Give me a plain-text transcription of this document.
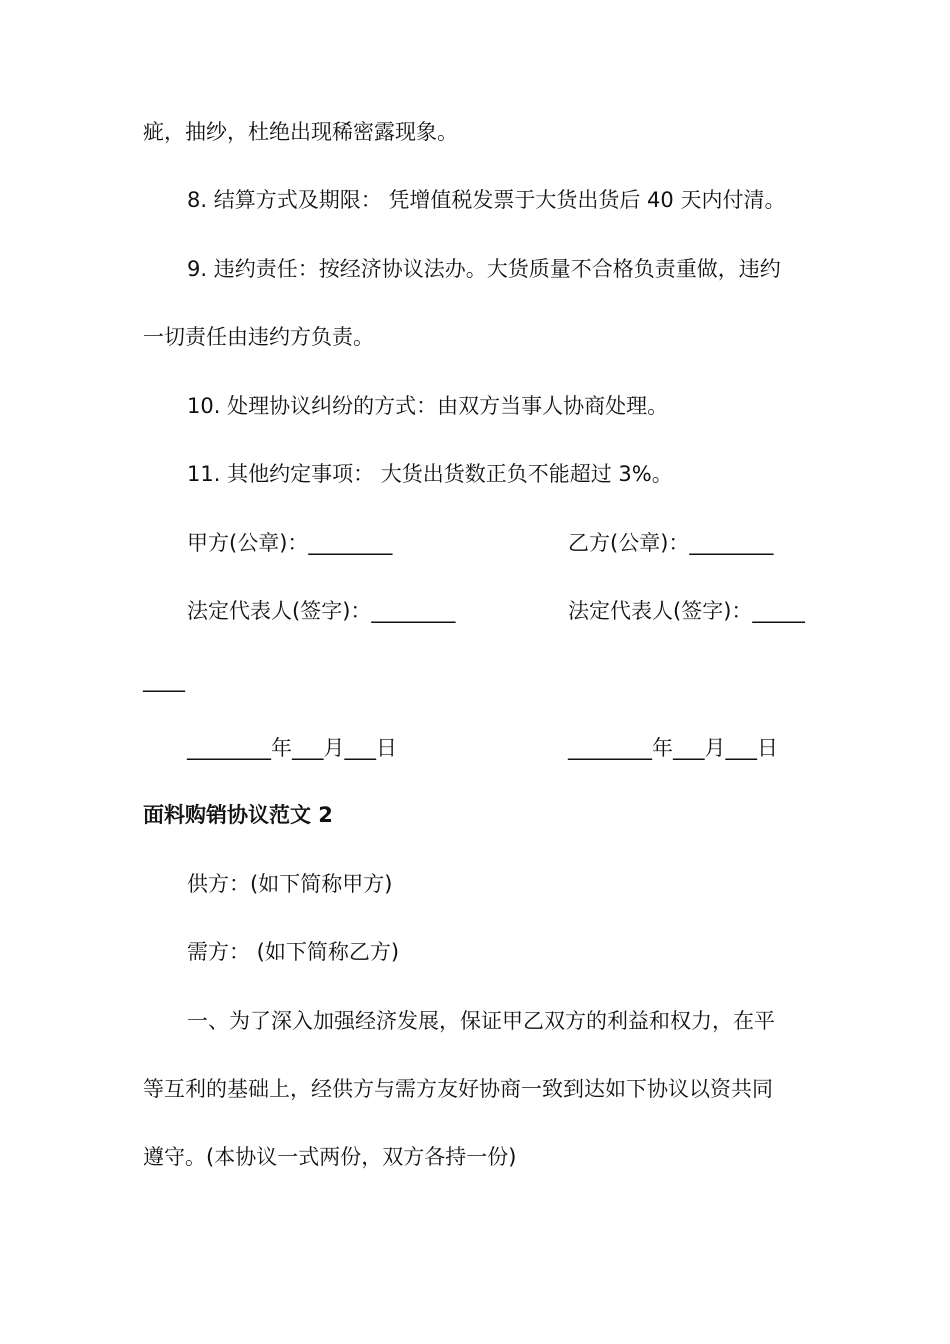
疵，抽纱，杜绝出现稀密露现象。
8. 结算方式及期限： 凭增值税发票于大货出货后 40 天内付清。
9. 违约责任：按经济协议法办。大货质量不合格负责重做，违约
一切责任由违约方负责。
10. 处理协议纠纷的方式：由双方当事人协商处理。
11. 其他约定事项： 大货出货数正负不能超过 3%。
甲方(公章)：________	乙方(公章)：________
法定代表人(签字)：________	法定代表人(签字)：_____
____
________年___月___日	________年___月___日
面料购销协议范文 2
供方：(如下简称甲方)
需方： (如下简称乙方)
一、为了深入加强经济发展，保证甲乙双方的利益和权力，在平
等互利的基础上，经供方与需方友好协商一致到达如下协议以资共同
遵守。(本协议一式两份，双方各持一份)
